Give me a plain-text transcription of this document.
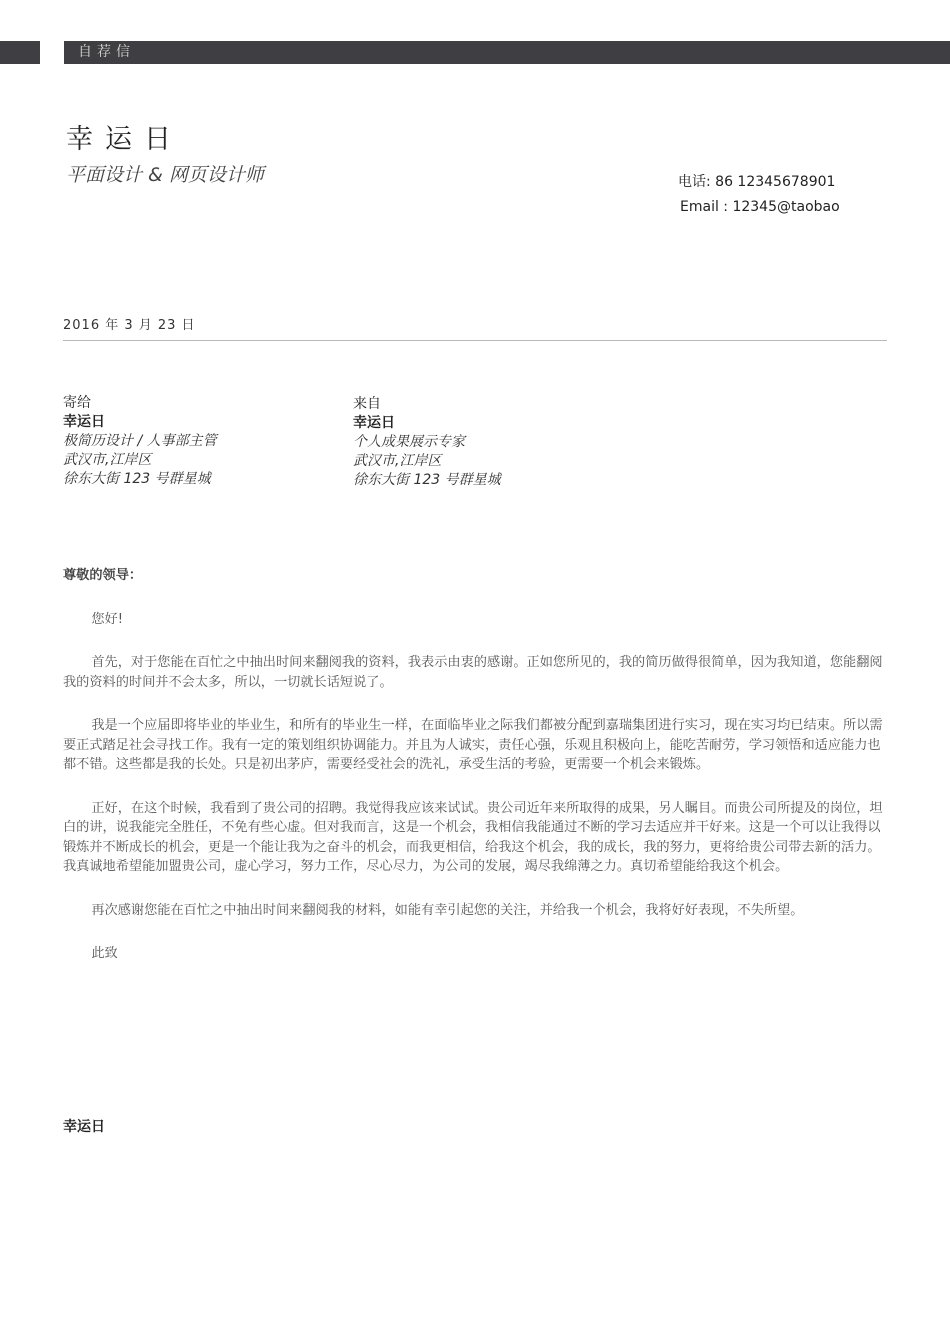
自荐信
幸运日
平面设计 & 网页设计师	电话: 86 12345678901
Email : 12345@taobao
2016 年 3 月 23 日
寄给
幸运日
极简历设计 / 人事部主管
武汉市,江岸区
徐东大街 123 号群星城
来自
幸运日
个人成果展示专家
武汉市,江岸区
徐东大街 123 号群星城

尊敬的领导：

您好!

首先，对于您能在百忙之中抽出时间来翻阅我的资料，我表示由衷的感谢。正如您所见的，我的简历做得很简单，因为我知道，您能翻阅我的资料的时间并不会太多，所以，一切就长话短说了。

我是一个应届即将毕业的毕业生，和所有的毕业生一样，在面临毕业之际我们都被分配到嘉瑞集团进行实习，现在实习均已结束。所以需要正式踏足社会寻找工作。我有一定的策划组织协调能力。并且为人诚实，责任心强，乐观且积极向上，能吃苦耐劳，学习领悟和适应能力也都不错。这些都是我的长处。只是初出茅庐，需要经受社会的洗礼，承受生活的考验，更需要一个机会来锻炼。

正好，在这个时候，我看到了贵公司的招聘。我觉得我应该来试试。贵公司近年来所取得的成果，另人瞩目。而贵公司所提及的岗位，坦白的讲，说我能完全胜任，不免有些心虚。但对我而言，这是一个机会，我相信我能通过不断的学习去适应并干好来。这是一个可以让我得以锻炼并不断成长的机会，更是一个能让我为之奋斗的机会，而我更相信，给我这个机会，我的成长，我的努力，更将给贵公司带去新的活力。我真诚地希望能加盟贵公司，虚心学习，努力工作，尽心尽力，为公司的发展，竭尽我绵薄之力。真切希望能给我这个机会。

再次感谢您能在百忙之中抽出时间来翻阅我的材料，如能有幸引起您的关注，并给我一个机会，我将好好表现，不失所望。

此致

幸运日
